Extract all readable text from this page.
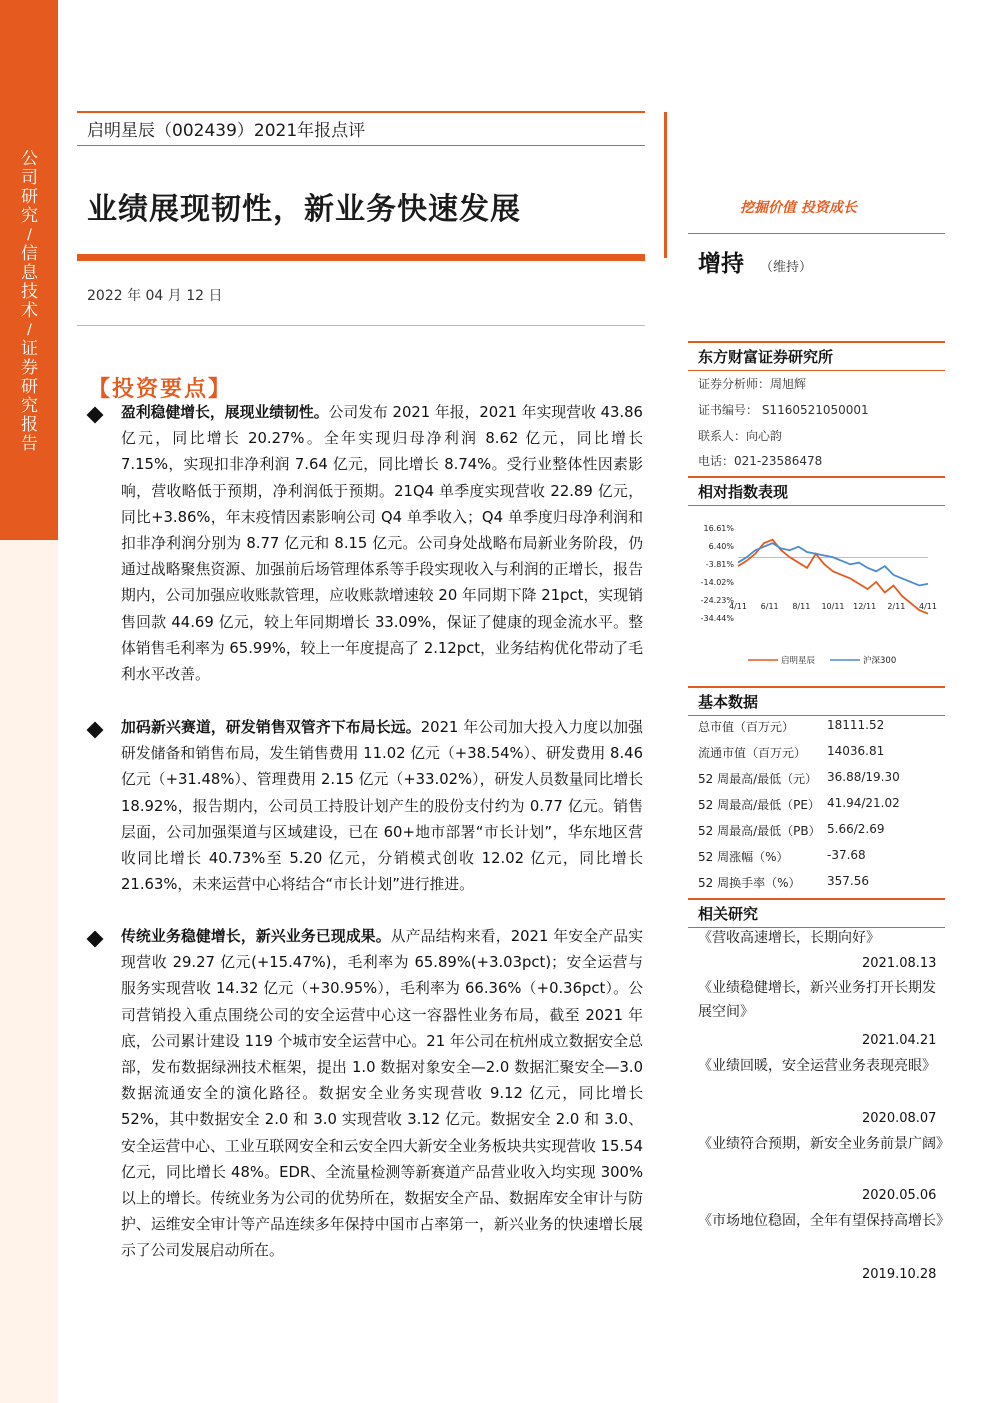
公司研究
/
信息技术
/
证券研究报告
启明星辰（002439）2021年报点评
业绩展现韧性，新业务快速发展
2022 年 04 月 12 日
挖掘价值 投资成长
增持 （维持）
东方财富证券研究所
证券分析师：周旭辉
证书编号： S1160521050001
联系人：向心韵
电话：021-23586478
相对指数表现
16.61%
6.40%
-3.81%
-14.02%
-24.23%
-34.44%
4/11 6/11 8/11 10/11 12/11 2/11 4/11
启明星辰	沪深300
基本数据
总市值（百万元）	18111.52
流通市值（百万元） 14036.81
52 周最高/最低（元） 36.88/19.30
52 周最高/最低（PE） 41.94/21.02
52 周最高/最低（PB） 5.66/2.69
52 周涨幅（%）	-37.68
52 周换手率（%） 357.56
相关研究
《营收高速增长，长期向好》
2021.08.13
《业绩稳健增长，新兴业务打开长期发展空间》
2021.04.21
《业绩回暖，安全运营业务表现亮眼》
2020.08.07
《业绩符合预期，新安全业务前景广阔》
2020.05.06
《市场地位稳固，全年有望保持高增长》
2019.10.28
【投资要点】
盈利稳健增长，展现业绩韧性。公司发布 2021 年报，2021 年实现营收 43.86 亿元，同比增长 20.27%。全年实现归母净利润 8.62 亿元，同比增长 7.15%，实现扣非净利润 7.64 亿元，同比增长 8.74%。受行业整体性因素影响，营收略低于预期，净利润低于预期。21Q4 单季度实现营收 22.89 亿元，同比+3.86%，年末疫情因素影响公司 Q4 单季收入；Q4 单季度归母净利润和扣非净利润分别为 8.77 亿元和 8.15 亿元。公司身处战略布局新业务阶段，仍通过战略聚焦资源、加强前后场管理体系等手段实现收入与利润的正增长，报告期内，公司加强应收账款管理，应收账款增速较 20 年同期下降 21pct，实现销售回款 44.69 亿元，较上年同期增长 33.09%，保证了健康的现金流水平。整体销售毛利率为 65.99%，较上一年度提高了 2.12pct，业务结构优化带动了毛利水平改善。
加码新兴赛道，研发销售双管齐下布局长远。2021 年公司加大投入力度以加强研发储备和销售布局，发生销售费用 11.02 亿元（+38.54%）、研发费用 8.46 亿元（+31.48%）、管理费用 2.15 亿元（+33.02%），研发人员数量同比增长 18.92%，报告期内，公司员工持股计划产生的股份支付约为 0.77 亿元。销售层面，公司加强渠道与区域建设，已在 60+地市部署“市长计划”，华东地区营收同比增长 40.73%至 5.20 亿元，分销模式创收 12.02 亿元，同比增长 21.63%，未来运营中心将结合“市长计划”进行推进。
传统业务稳健增长，新兴业务已现成果。从产品结构来看，2021 年安全产品实现营收 29.27 亿元(+15.47%)，毛利率为 65.89%(+3.03pct)；安全运营与服务实现营收 14.32 亿元（+30.95%），毛利率为 66.36%（+0.36pct）。公司营销投入重点围绕公司的安全运营中心这一容器性业务布局，截至 2021 年底，公司累计建设 119 个城市安全运营中心。21 年公司在杭州成立数据安全总部，发布数据绿洲技术框架，提出 1.0 数据对象安全—2.0 数据汇聚安全—3.0 数据流通安全的演化路径。数据安全业务实现营收 9.12 亿元，同比增长 52%，其中数据安全 2.0 和 3.0 实现营收 3.12 亿元。数据安全 2.0 和 3.0、安全运营中心、工业互联网安全和云安全四大新安全业务板块共实现营收 15.54 亿元，同比增长 48%。EDR、全流量检测等新赛道产品营业收入均实现 300%以上的增长。传统业务为公司的优势所在，数据安全产品、数据库安全审计与防护、运维安全审计等产品连续多年保持中国市占率第一，新兴业务的快速增长展示了公司发展启动所在。
